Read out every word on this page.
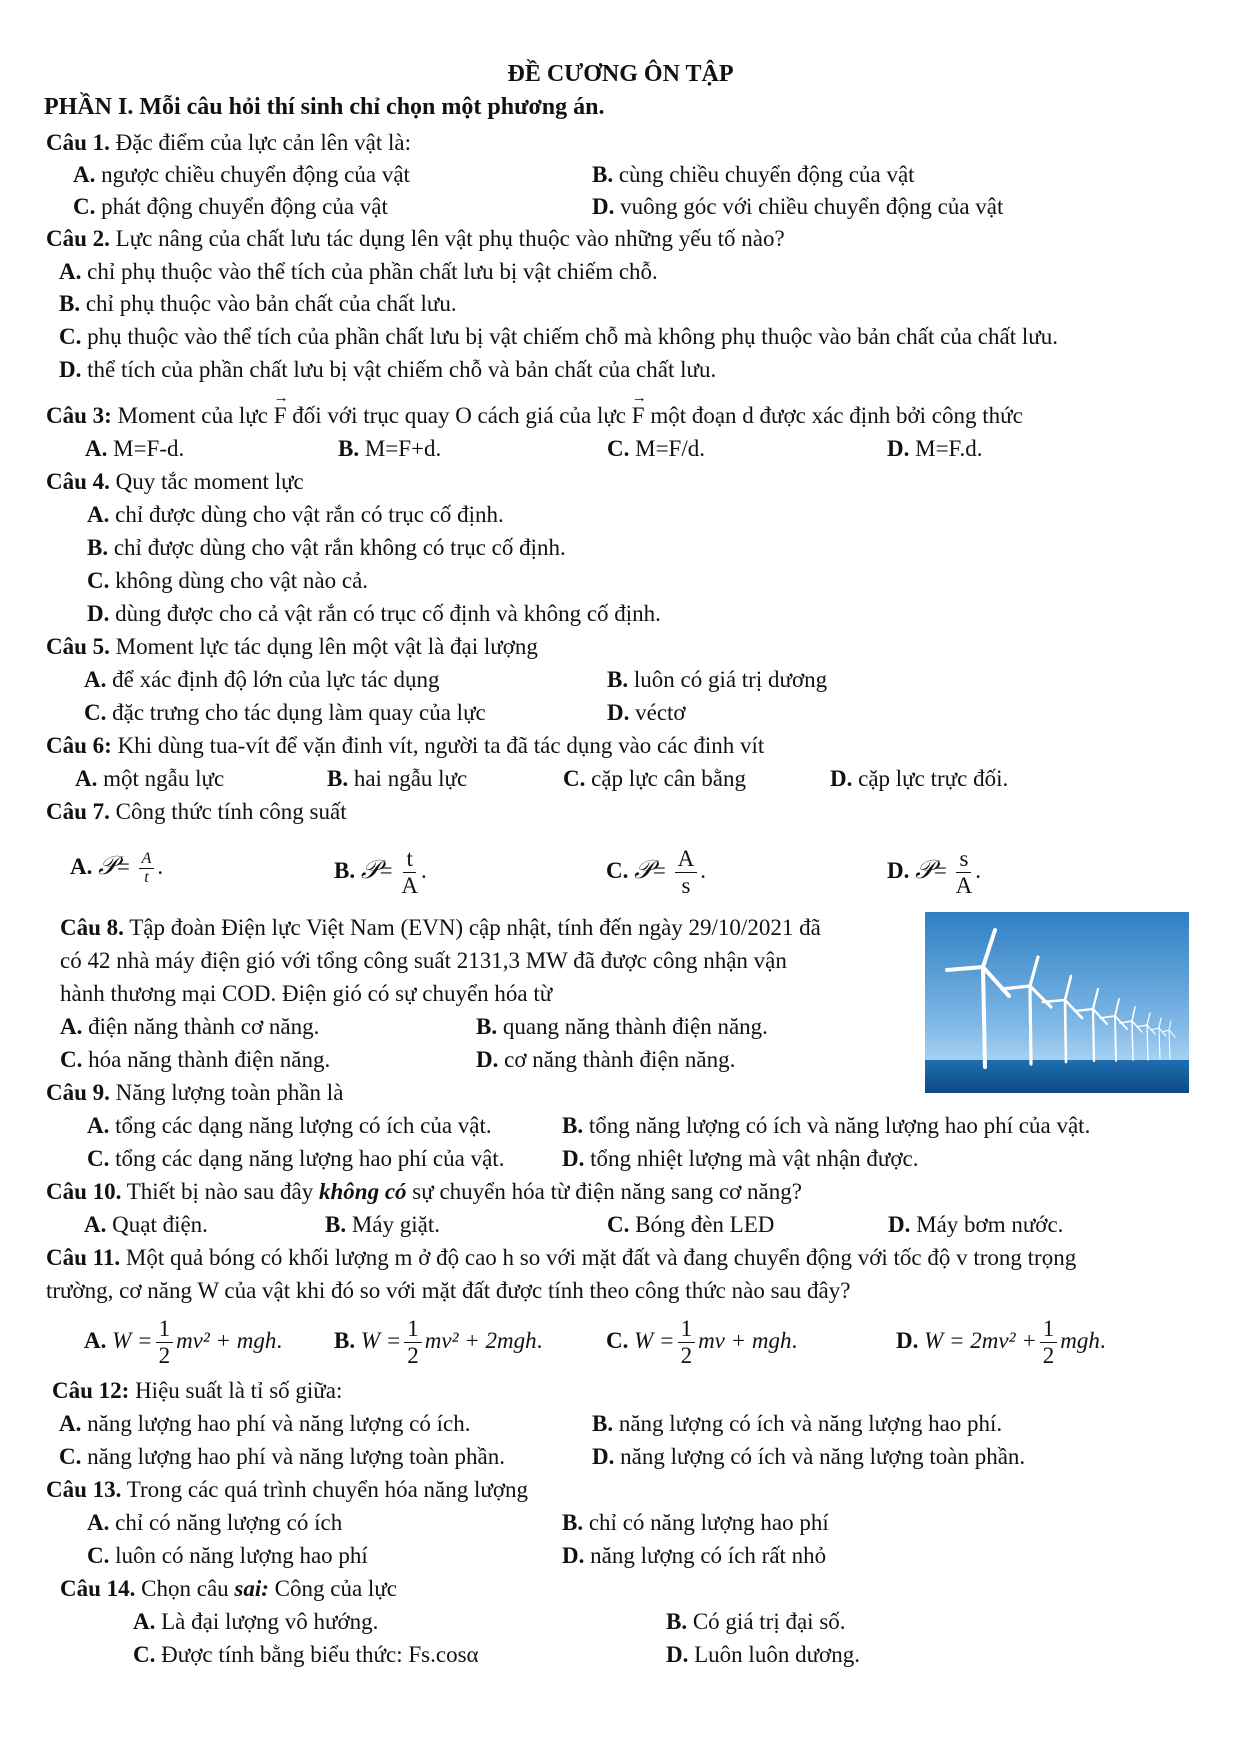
ĐỀ CƯƠNG ÔN TẬP
PHẦN I. Mỗi câu hỏi thí sinh chỉ chọn một phương án.
Câu 1. Đặc điểm của lực cản lên vật là:
A. ngược chiều chuyển động của vật	B. cùng chiều chuyển động của vật
C. phát động chuyển động của vật	D. vuông góc với chiều chuyển động của vật
Câu 2. Lực nâng của chất lưu tác dụng lên vật phụ thuộc vào những yếu tố nào?
A. chỉ phụ thuộc vào thể tích của phần chất lưu bị vật chiếm chỗ.
B. chỉ phụ thuộc vào bản chất của chất lưu.
C. phụ thuộc vào thể tích của phần chất lưu bị vật chiếm chỗ mà không phụ thuộc vào bản chất của chất lưu.
D. thể tích của phần chất lưu bị vật chiếm chỗ và bản chất của chất lưu.
Câu 3: Moment của lực → F đối với trục quay O cách giá của lực → F một đoạn d được xác định bởi công thức
A. M=F-d.	B. M=F+d.	C. M=F/d.	D. M=F.d.
Câu 4. Quy tắc moment lực
A. chỉ được dùng cho vật rắn có trục cố định.
B. chỉ được dùng cho vật rắn không có trục cố định.
C. không dùng cho vật nào cả.
D. dùng được cho cả vật rắn có trục cố định và không cố định.
Câu 5. Moment lực tác dụng lên một vật là đại lượng
A. để xác định độ lớn của lực tác dụng	B. luôn có giá trị dương
C. đặc trưng cho tác dụng làm quay của lực	D. véctơ
Câu 6: Khi dùng tua-vít để vặn đinh vít, người ta đã tác dụng vào các đinh vít
A. một ngẫu lực	B. hai ngẫu lực	C. cặp lực cân bằng	D. cặp lực trực đối.
Câu 7. Công thức tính công suất
A. 𝒫= $\frac{A}{t}$ .	B. 𝒫= $\frac{t}{A}$ .	C. 𝒫= $\frac{A}{s}$ .	D. 𝒫= $\frac{s}{A}$ .
Câu 8. Tập đoàn Điện lực Việt Nam (EVN) cập nhật, tính đến ngày 29/10/2021 đã
có 42 nhà máy điện gió với tổng công suất 2131,3 MW đã được công nhận vận
hành thương mại COD. Điện gió có sự chuyển hóa từ
A. điện năng thành cơ năng.	B. quang năng thành điện năng.
C. hóa năng thành điện năng.	D. cơ năng thành điện năng.
Câu 9. Năng lượng toàn phần là
A. tổng các dạng năng lượng có ích của vật.	B. tổng năng lượng có ích và năng lượng hao phí của vật.
C. tổng các dạng năng lượng hao phí của vật.	D. tổng nhiệt lượng mà vật nhận được.
Câu 10. Thiết bị nào sau đây không có sự chuyển hóa từ điện năng sang cơ năng?
A. Quạt điện.	B. Máy giặt.	C. Bóng đèn LED	D. Máy bơm nước.
Câu 11. Một quả bóng có khối lượng m ở độ cao h so với mặt đất và đang chuyển động với tốc độ v trong trọng
trường, cơ năng W của vật khi đó so với mặt đất được tính theo công thức nào sau đây?
A. $W = \frac{1}{2} mv^2$ + mgh. B. $W = \frac{1}{2} mv^2 + 2mgh$.	C. $W = \frac{1}{2}$ mv + mgh.	D. $W = 2mv^2 + \frac{1}{2}$ mgh.
Câu 12: Hiệu suất là tỉ số giữa:
A. năng lượng hao phí và năng lượng có ích.	B. năng lượng có ích và năng lượng hao phí.
C. năng lượng hao phí và năng lượng toàn phần.	D. năng lượng có ích và năng lượng toàn phần.
Câu 13. Trong các quá trình chuyển hóa năng lượng
A. chỉ có năng lượng có ích	B. chỉ có năng lượng hao phí
C. luôn có năng lượng hao phí	D. năng lượng có ích rất nhỏ
Câu 14. Chọn câu sai: Công của lực
A. Là đại lượng vô hướng.	B. Có giá trị đại số.
C. Được tính bằng biểu thức: Fs.cosα	D. Luôn luôn dương.
